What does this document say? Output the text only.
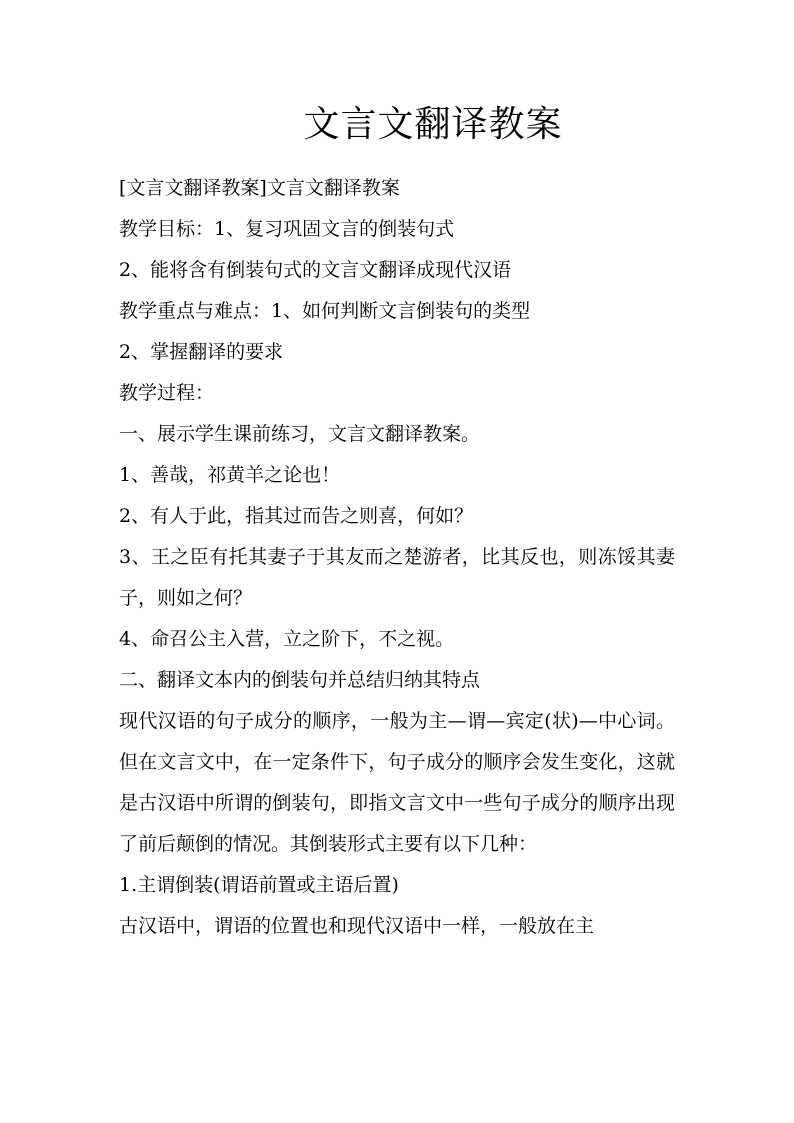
文言文翻译教案
[文言文翻译教案]文言文翻译教案
教学目标：1、复习巩固文言的倒装句式
2、能将含有倒装句式的文言文翻译成现代汉语
教学重点与难点：1、如何判断文言倒装句的类型
2、掌握翻译的要求
教学过程：
一、展示学生课前练习，文言文翻译教案。
1、善哉，祁黄羊之论也！
2、有人于此，指其过而告之则喜，何如？
3、王之臣有托其妻子于其友而之楚游者，比其反也，则冻馁其妻子，则如之何？
4、命召公主入营，立之阶下，不之视。
二、翻译文本内的倒装句并总结归纳其特点
现代汉语的句子成分的顺序，一般为主—谓—宾定(状)—中心词。但在文言文中，在一定条件下，句子成分的顺序会发生变化，这就是古汉语中所谓的倒装句，即指文言文中一些句子成分的顺序出现了前后颠倒的情况。其倒装形式主要有以下几种：
1.主谓倒装(谓语前置或主语后置)
古汉语中，谓语的位置也和现代汉语中一样，一般放在主
